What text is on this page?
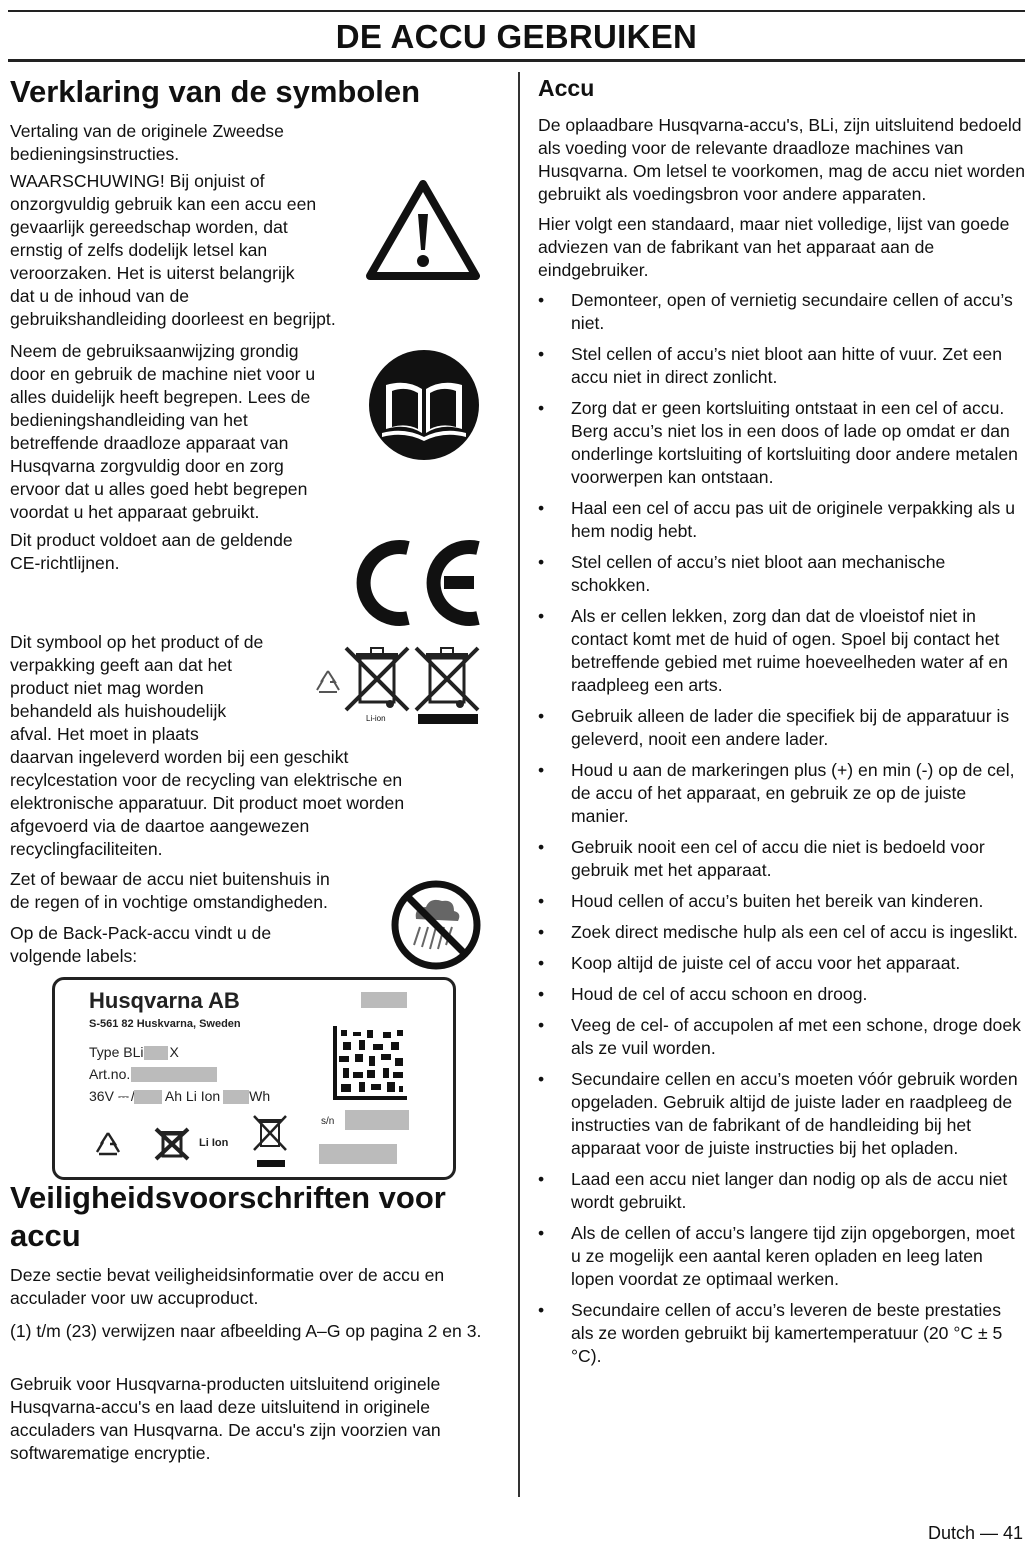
DE ACCU GEBRUIKEN
Verklaring van de symbolen

Vertaling van de originele Zweedse bedieningsinstructies.

WAARSCHUWING! Bij onjuist of

onzorgvuldig gebruik kan een accu een

gevaarlijk gereedschap worden, dat

ernstig of zelfs dodelijk letsel kan

veroorzaken. Het is uiterst belangrijk

dat u de inhoud van de

gebruikshandleiding doorleest en begrijpt.

Neem de gebruiksaanwijzing grondig

door en gebruik de machine niet voor u

alles duidelijk heeft begrepen. Lees de

bedieningshandleiding van het

betreffende draadloze apparaat van

Husqvarna zorgvuldig door en zorg

ervoor dat u alles goed hebt begrepen

voordat u het apparaat gebruikt.

Dit product voldoet aan de geldende

CE-richtlijnen.

Dit symbool op het product of de

verpakking geeft aan dat het

product niet mag worden

behandeld als huishoudelijk

afval. Het moet in plaats

daarvan ingeleverd worden bij een geschikt

recylcestation voor de recycling van elektrische en

elektronische apparatuur. Dit product moet worden

afgevoerd via de daartoe aangewezen

recyclingfaciliteiten.

Zet of bewaar de accu niet buitenshuis in

de regen of in vochtige omstandigheden.

Op de Back-Pack-accu vindt u de

volgende labels:

Veiligheidsvoorschriften voor
accu

Deze sectie bevat veiligheidsinformatie over de accu en acculader voor uw accuproduct.

(1) t/m (23) verwijzen naar afbeelding A–G op pagina 2 en 3.

Gebruik voor Husqvarna-producten uitsluitend originele Husqvarna-accu's en laad deze uitsluitend in originele acculaders van Husqvarna. De accu's zijn voorzien van softwarematige encryptie.

Li-ion
Husqvarna AB
S-561 82 Huskvarna, Sweden
Type BLi X
Art.no.
36V ⎓ / Ah Li Ion Wh
s/n
Li Ion
Accu

De oplaadbare Husqvarna-accu's, BLi, zijn uitsluitend bedoeld als voeding voor de relevante draadloze machines van Husqvarna. Om letsel te voorkomen, mag de accu niet worden gebruikt als voedingsbron voor andere apparaten.

Hier volgt een standaard, maar niet volledige, lijst van goede adviezen van de fabrikant van het apparaat aan de eindgebruiker.

•	Demonteer, open of vernietig secundaire cellen of accu’s niet.
•	Stel cellen of accu’s niet bloot aan hitte of vuur. Zet een accu niet in direct zonlicht.
•	Zorg dat er geen kortsluiting ontstaat in een cel of accu. Berg accu’s niet los in een doos of lade op omdat er dan onderlinge kortsluiting of kortsluiting door andere metalen voorwerpen kan ontstaan.
•	Haal een cel of accu pas uit de originele verpakking als u hem nodig hebt.
•	Stel cellen of accu’s niet bloot aan mechanische schokken.
•	Als er cellen lekken, zorg dan dat de vloeistof niet in contact komt met de huid of ogen. Spoel bij contact het betreffende gebied met ruime hoeveelheden water af en raadpleeg een arts.
•	Gebruik alleen de lader die specifiek bij de apparatuur is geleverd, nooit een andere lader.
•	Houd u aan de markeringen plus (+) en min (-) op de cel, de accu of het apparaat, en gebruik ze op de juiste manier.
•	Gebruik nooit een cel of accu die niet is bedoeld voor gebruik met het apparaat.
•	Houd cellen of accu’s buiten het bereik van kinderen.
•	Zoek direct medische hulp als een cel of accu is ingeslikt.
•	Koop altijd de juiste cel of accu voor het apparaat.
•	Houd de cel of accu schoon en droog.
•	Veeg de cel- of accupolen af met een schone, droge doek als ze vuil worden.
•	Secundaire cellen en accu’s moeten vóór gebruik worden opgeladen. Gebruik altijd de juiste lader en raadpleeg de instructies van de fabrikant of de handleiding bij het apparaat voor de juiste instructies bij het opladen.
•	Laad een accu niet langer dan nodig op als de accu niet wordt gebruikt.
•	Als de cellen of accu’s langere tijd zijn opgeborgen, moet u ze mogelijk een aantal keren opladen en leeg laten lopen voordat ze optimaal werken.
•	Secundaire cellen of accu’s leveren de beste prestaties als ze worden gebruikt bij kamertemperatuur (20 °C ± 5 °C).
Dutch — 41
